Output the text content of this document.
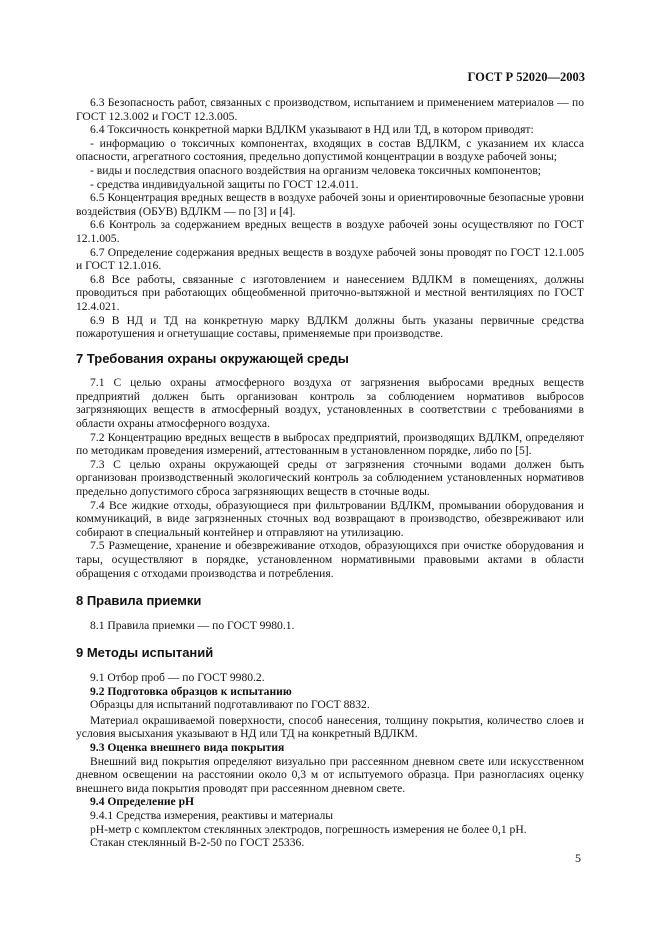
ГОСТ Р 52020—2003

6.3 Безопасность работ, связанных с производством, испытанием и применением материалов — по ГОСТ 12.3.002 и ГОСТ 12.3.005.

6.4 Токсичность конкретной марки ВДЛКМ указывают в НД или ТД, в котором приводят:

- информацию о токсичных компонентах, входящих в состав ВДЛКМ, с указанием их класса опасности, агрегатного состояния, предельно допустимой концентрации в воздухе рабочей зоны;

- виды и последствия опасного воздействия на организм человека токсичных компонентов;

- средства индивидуальной защиты по ГОСТ 12.4.011.

6.5 Концентрация вредных веществ в воздухе рабочей зоны и ориентировочные безопасные уровни воздействия (ОБУВ) ВДЛКМ — по [3] и [4].

6.6 Контроль за содержанием вредных веществ в воздухе рабочей зоны осуществляют по ГОСТ 12.1.005.

6.7 Определение содержания вредных веществ в воздухе рабочей зоны проводят по ГОСТ 12.1.005 и ГОСТ 12.1.016.

6.8 Все работы, связанные с изготовлением и нанесением ВДЛКМ в помещениях, должны проводиться при работающих общеобменной приточно-вытяжной и местной вентиляциях по ГОСТ 12.4.021.

6.9 В НД и ТД на конкретную марку ВДЛКМ должны быть указаны первичные средства пожаротушения и огнетушащие составы, применяемые при производстве.

7 Требования охраны окружающей среды

7.1 С целью охраны атмосферного воздуха от загрязнения выбросами вредных веществ предприятий должен быть организован контроль за соблюдением нормативов выбросов загрязняющих веществ в атмосферный воздух, установленных в соответствии с требованиями в области охраны атмосферного воздуха.

7.2 Концентрацию вредных веществ в выбросах предприятий, производящих ВДЛКМ, определяют по методикам проведения измерений, аттестованным в установленном порядке, либо по [5].

7.3 С целью охраны окружающей среды от загрязнения сточными водами должен быть организован производственный экологический контроль за соблюдением установленных нормативов предельно допустимого сброса загрязняющих веществ в сточные воды.

7.4 Все жидкие отходы, образующиеся при фильтровании ВДЛКМ, промывании оборудования и коммуникаций, в виде загрязненных сточных вод возвращают в производство, обезвреживают или собирают в специальный контейнер и отправляют на утилизацию.

7.5 Размещение, хранение и обезвреживание отходов, образующихся при очистке оборудования и тары, осуществляют в порядке, установленном нормативными правовыми актами в области обращения с отходами производства и потребления.

8 Правила приемки

8.1 Правила приемки — по ГОСТ 9980.1.

9 Методы испытаний

9.1 Отбор проб — по ГОСТ 9980.2.

9.2 Подготовка образцов к испытанию

Образцы для испытаний подготавливают по ГОСТ 8832.

Материал окрашиваемой поверхности, способ нанесения, толщину покрытия, количество слоев и условия высыхания указывают в НД или ТД на конкретный ВДЛКМ.

9.3 Оценка внешнего вида покрытия

Внешний вид покрытия определяют визуально при рассеянном дневном свете или искусственном дневном освещении на расстоянии около 0,3 м от испытуемого образца. При разногласиях оценку внешнего вида покрытия проводят при рассеянном дневном свете.

9.4 Определение pH

9.4.1 Средства измерения, реактивы и материалы

pH-метр с комплектом стеклянных электродов, погрешность измерения не более 0,1 pH.

Стакан стеклянный В-2-50 по ГОСТ 25336.

5
